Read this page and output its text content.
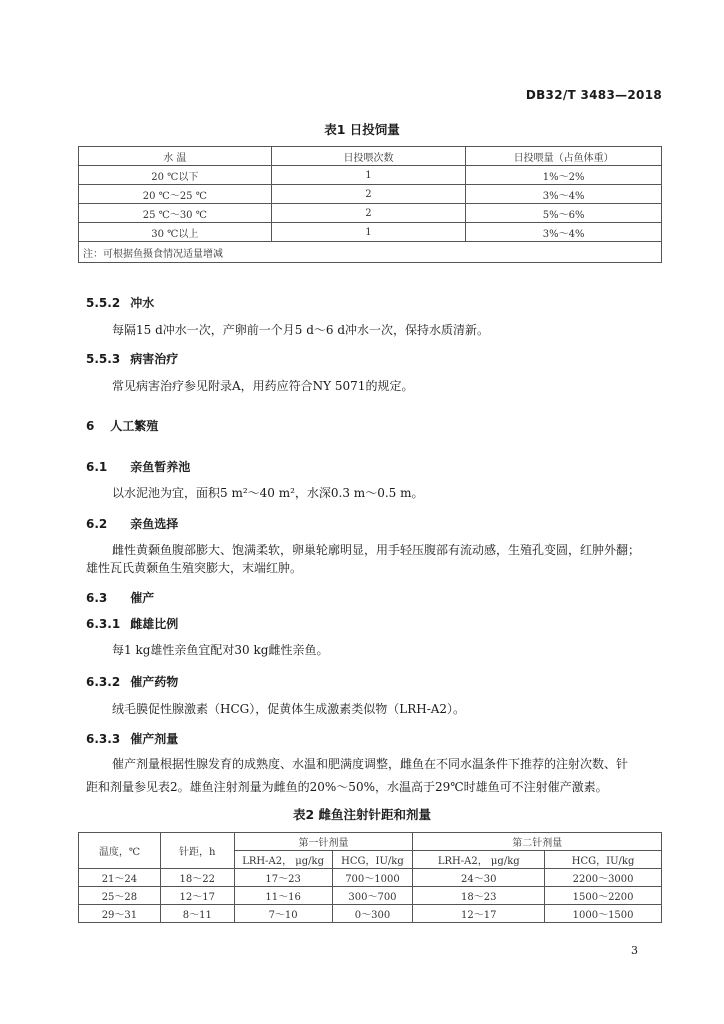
DB32/T 3483—2018
表1 日投饲量
水 温	日投喂次数	日投喂量（占鱼体重）
20 ℃以下	1	1%～2%
20 ℃～25 ℃	2	3%～4%
25 ℃～30 ℃	2	5%～6%
30 ℃以上	1	3%～4%
注：可根据鱼摄食情况适量增减		
5.5.2 冲水
每隔15 d冲水一次，产卵前一个月5 d～6 d冲水一次，保持水质清新。
5.5.3 病害治疗
常见病害治疗参见附录A，用药应符合NY 5071的规定。
6 人工繁殖
6.1 亲鱼暂养池
以水泥池为宜，面积5 m²～40 m²，水深0.3 m～0.5 m。
6.2 亲鱼选择
雌性黄颡鱼腹部膨大、饱满柔软，卵巢轮廓明显，用手轻压腹部有流动感，生殖孔变圆，红肿外翻；
雄性瓦氏黄颡鱼生殖突膨大，末端红肿。
6.3 催产
6.3.1 雌雄比例
每1 kg雄性亲鱼宜配对30 kg雌性亲鱼。
6.3.2 催产药物
绒毛膜促性腺激素（HCG），促黄体生成激素类似物（LRH-A2）。
6.3.3 催产剂量
催产剂量根据性腺发育的成熟度、水温和肥满度调整，雌鱼在不同水温条件下推荐的注射次数、针
距和剂量参见表2。雄鱼注射剂量为雌鱼的20%～50%，水温高于29℃时雄鱼可不注射催产激素。
表2 雌鱼注射针距和剂量
温度，℃	针距，h	第一针剂量		第二针剂量	
		LRH-A2， μg/kg	HCG，IU/kg	LRH-A2， μg/kg	HCG，IU/kg
21～24	18～22	17～23	700～1000	24～30	2200～3000
25～28	12～17	11～16	300～700	18～23	1500～2200
29～31	8～11	7～10	0～300	12～17	1000～1500
3
